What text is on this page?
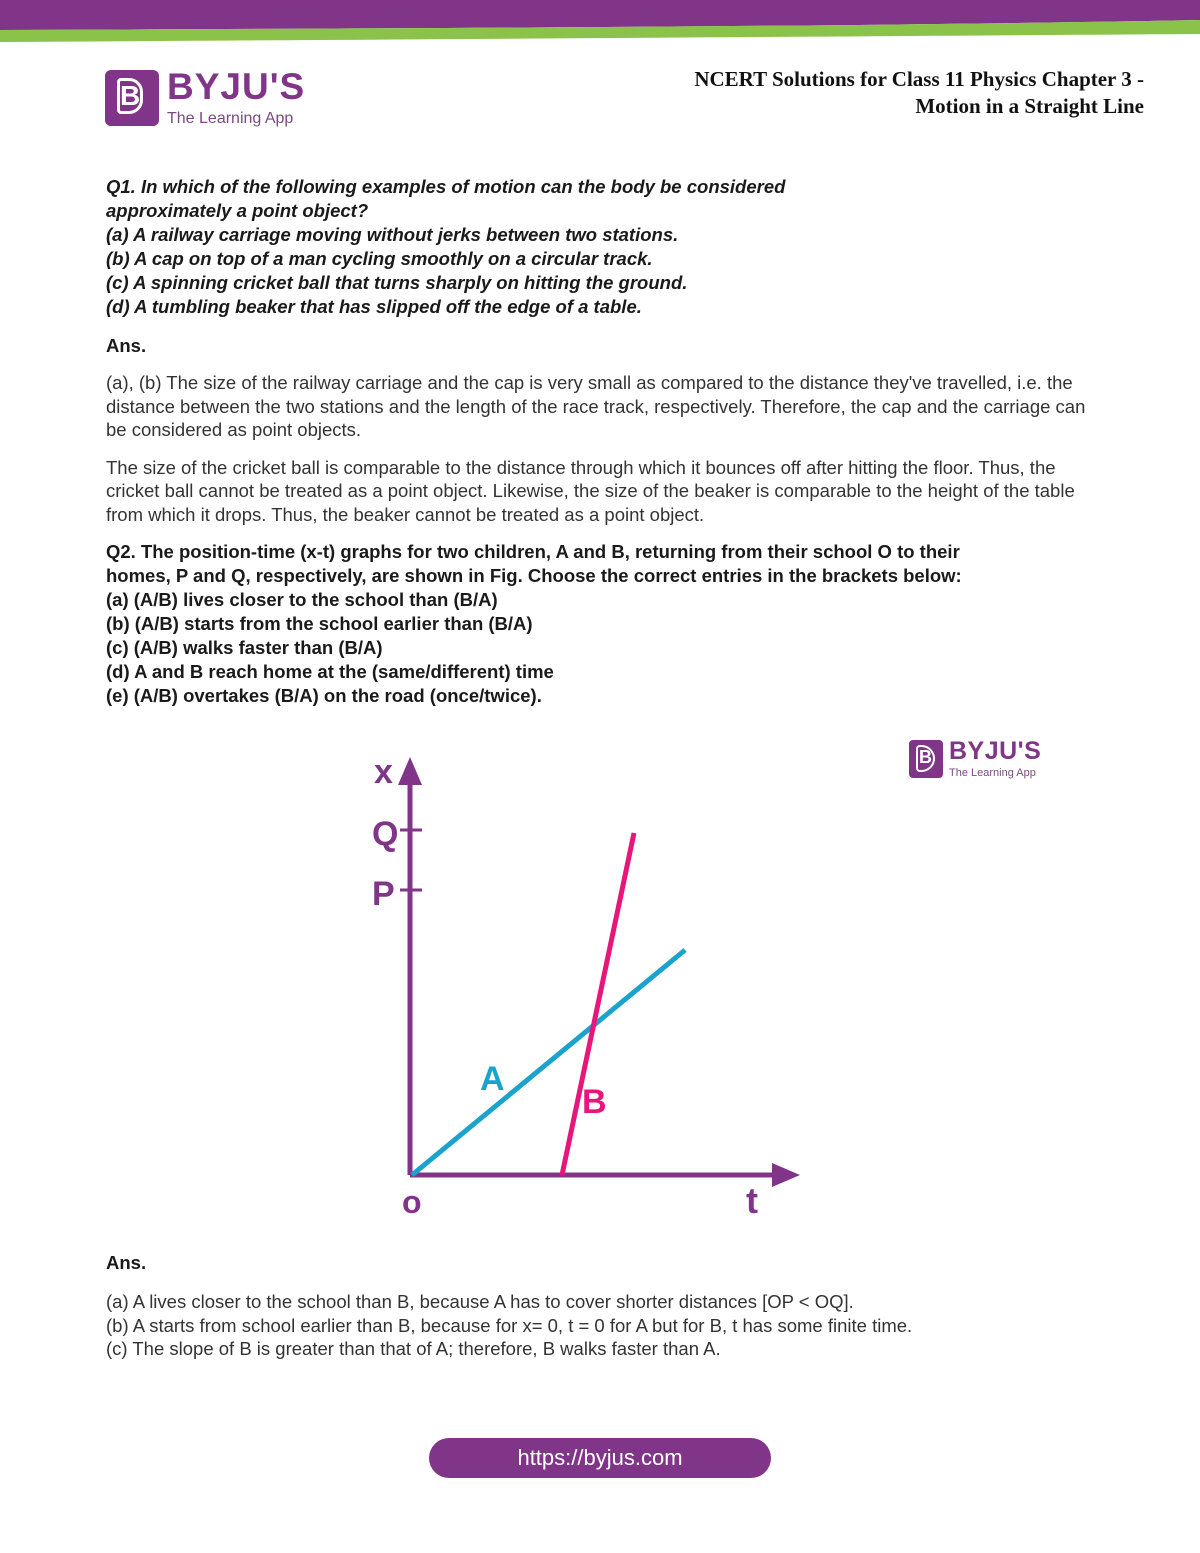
B BYJU'S
The Learning App
NCERT Solutions for Class 11 Physics Chapter 3 -
Motion in a Straight Line
Q1. In which of the following examples of motion can the body be considered
approximately a point object?
(a) A railway carriage moving without jerks between two stations.
(b) A cap on top of a man cycling smoothly on a circular track.
(c) A spinning cricket ball that turns sharply on hitting the ground.
(d) A tumbling beaker that has slipped off the edge of a table.
Ans.

(a), (b) The size of the railway carriage and the cap is very small as compared to the distance they've travelled, i.e. the distance between the two stations and the length of the race track, respectively. Therefore, the cap and the carriage can be considered as point objects.

The size of the cricket ball is comparable to the distance through which it bounces off after hitting the floor. Thus, the cricket ball cannot be treated as a point object. Likewise, the size of the beaker is comparable to the height of the table from which it drops. Thus, the beaker cannot be treated as a point object.

Q2. The position-time (x-t) graphs for two children, A and B, returning from their school O to their
homes, P and Q, respectively, are shown in Fig. Choose the correct entries in the brackets below:
(a) (A/B) lives closer to the school than (B/A)
(b) (A/B) starts from the school earlier than (B/A)
(c) (A/B) walks faster than (B/A)
(d) A and B reach home at the (same/different) time
(e) (A/B) overtakes (B/A) on the road (once/twice).
x
Q
P
o	t
A
B
B BYJU'S
The Learning App
Ans.
(a) A lives closer to the school than B, because A has to cover shorter distances [OP < OQ].
(b) A starts from school earlier than B, because for x= 0, t = 0 for A but for B, t has some finite time.
(c) The slope of B is greater than that of A; therefore, B walks faster than A.
https://byjus.com
